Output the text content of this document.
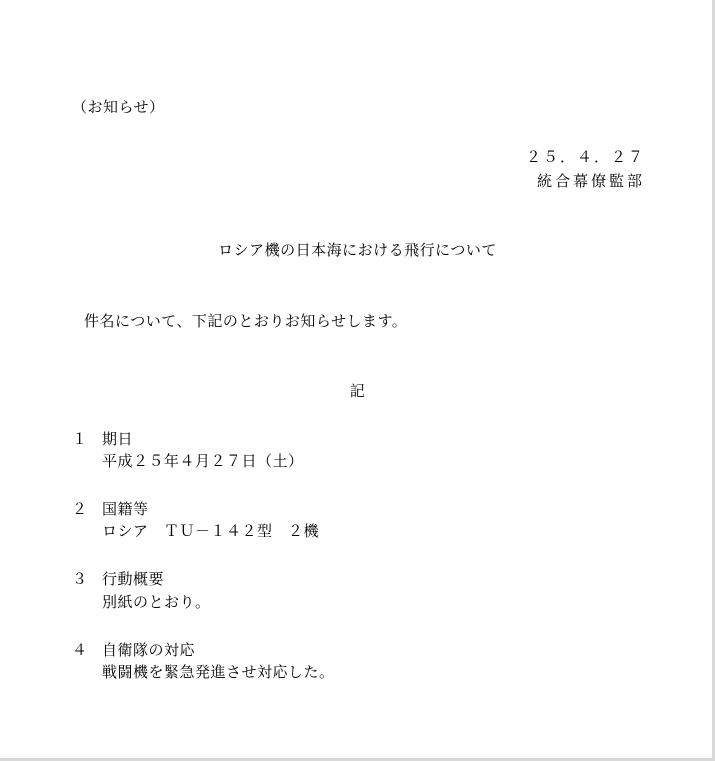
（お知らせ）
２５．４．２７
統合幕僚監部
ロシア機の日本海における飛行について
件名について、下記のとおりお知らせします。
記
１ 期日
平成２５年４月２７日（土）
２ 国籍等
ロシア　ＴＵ－１４２型　２機
３ 行動概要
別紙のとおり。
４ 自衛隊の対応
戦闘機を緊急発進させ対応した。
